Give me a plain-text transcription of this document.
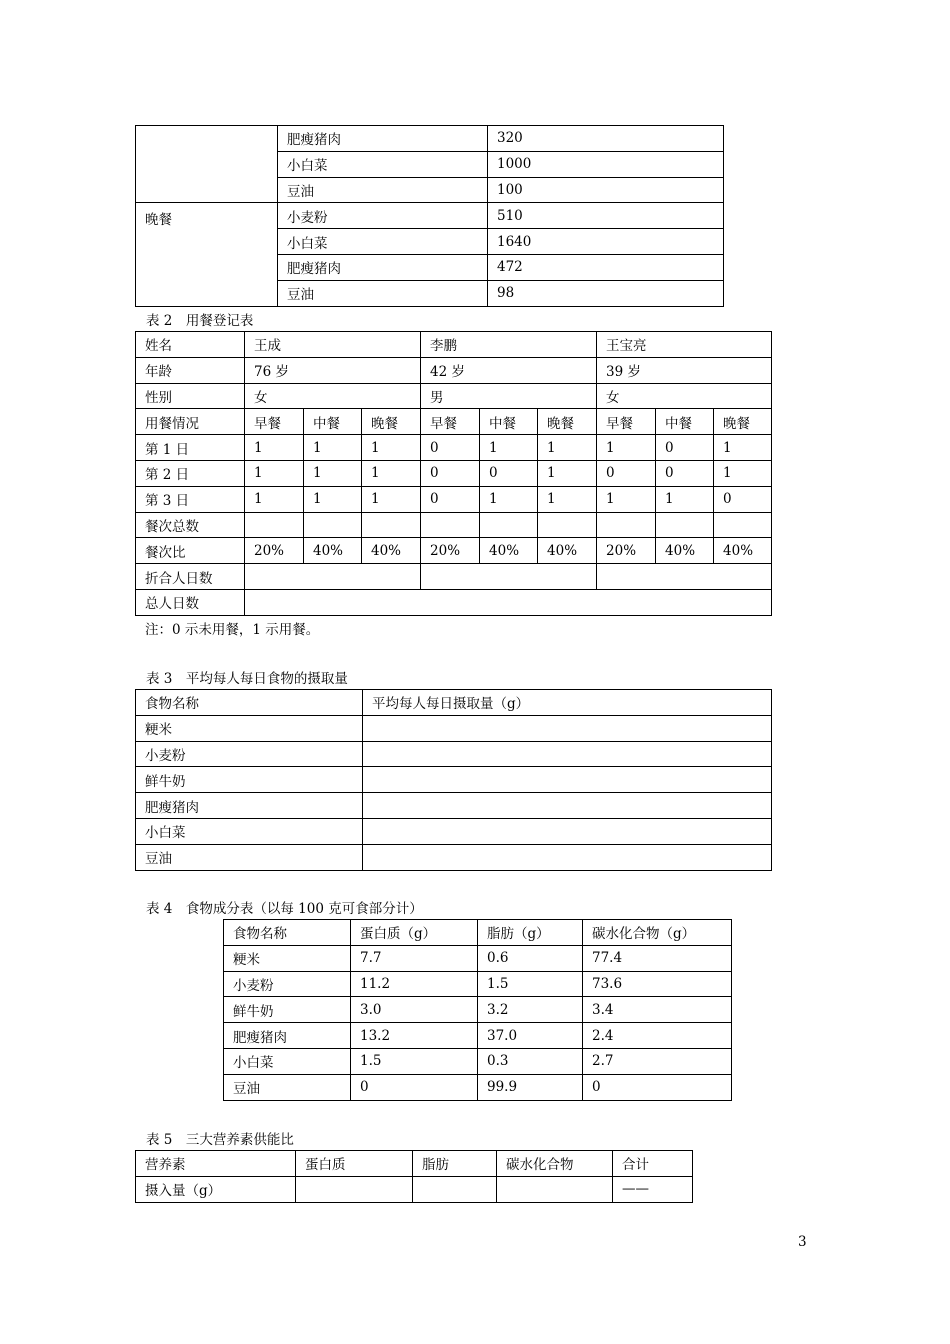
	肥瘦猪肉	320
	小白菜	1000
	豆油	100
晚餐	小麦粉	510
	小白菜	1640
	肥瘦猪肉	472
	豆油	98
表 2　用餐登记表
姓名	王成			李鹏			王宝亮		
年龄	76 岁			42 岁			39 岁		
性别	女			男			女		
用餐情况	早餐	中餐	晚餐	早餐	中餐	晚餐	早餐	中餐	晚餐
第 1 日	1	1	1	0	1	1	1	0	1
第 2 日	1	1	1	0	0	1	0	0	1
第 3 日	1	1	1	0	1	1	1	1	0
餐次总数									
餐次比	20%	40%	40%	20%	40%	40%	20%	40%	40%
折合人日数									
总人日数									
注：0 示未用餐，1 示用餐。
表 3　平均每人每日食物的摄取量
食物名称	平均每人每日摄取量（g）
粳米	
小麦粉	
鲜牛奶	
肥瘦猪肉	
小白菜	
豆油	
表 4　食物成分表（以每 100 克可食部分计）
食物名称	蛋白质（g）	脂肪（g）	碳水化合物（g）
粳米	7.7	0.6	77.4
小麦粉	11.2	1.5	73.6
鲜牛奶	3.0	3.2	3.4
肥瘦猪肉	13.2	37.0	2.4
小白菜	1.5	0.3	2.7
豆油	0	99.9	0
表 5　三大营养素供能比
营养素	蛋白质	脂肪	碳水化合物	合计
摄入量（g）				——
3
